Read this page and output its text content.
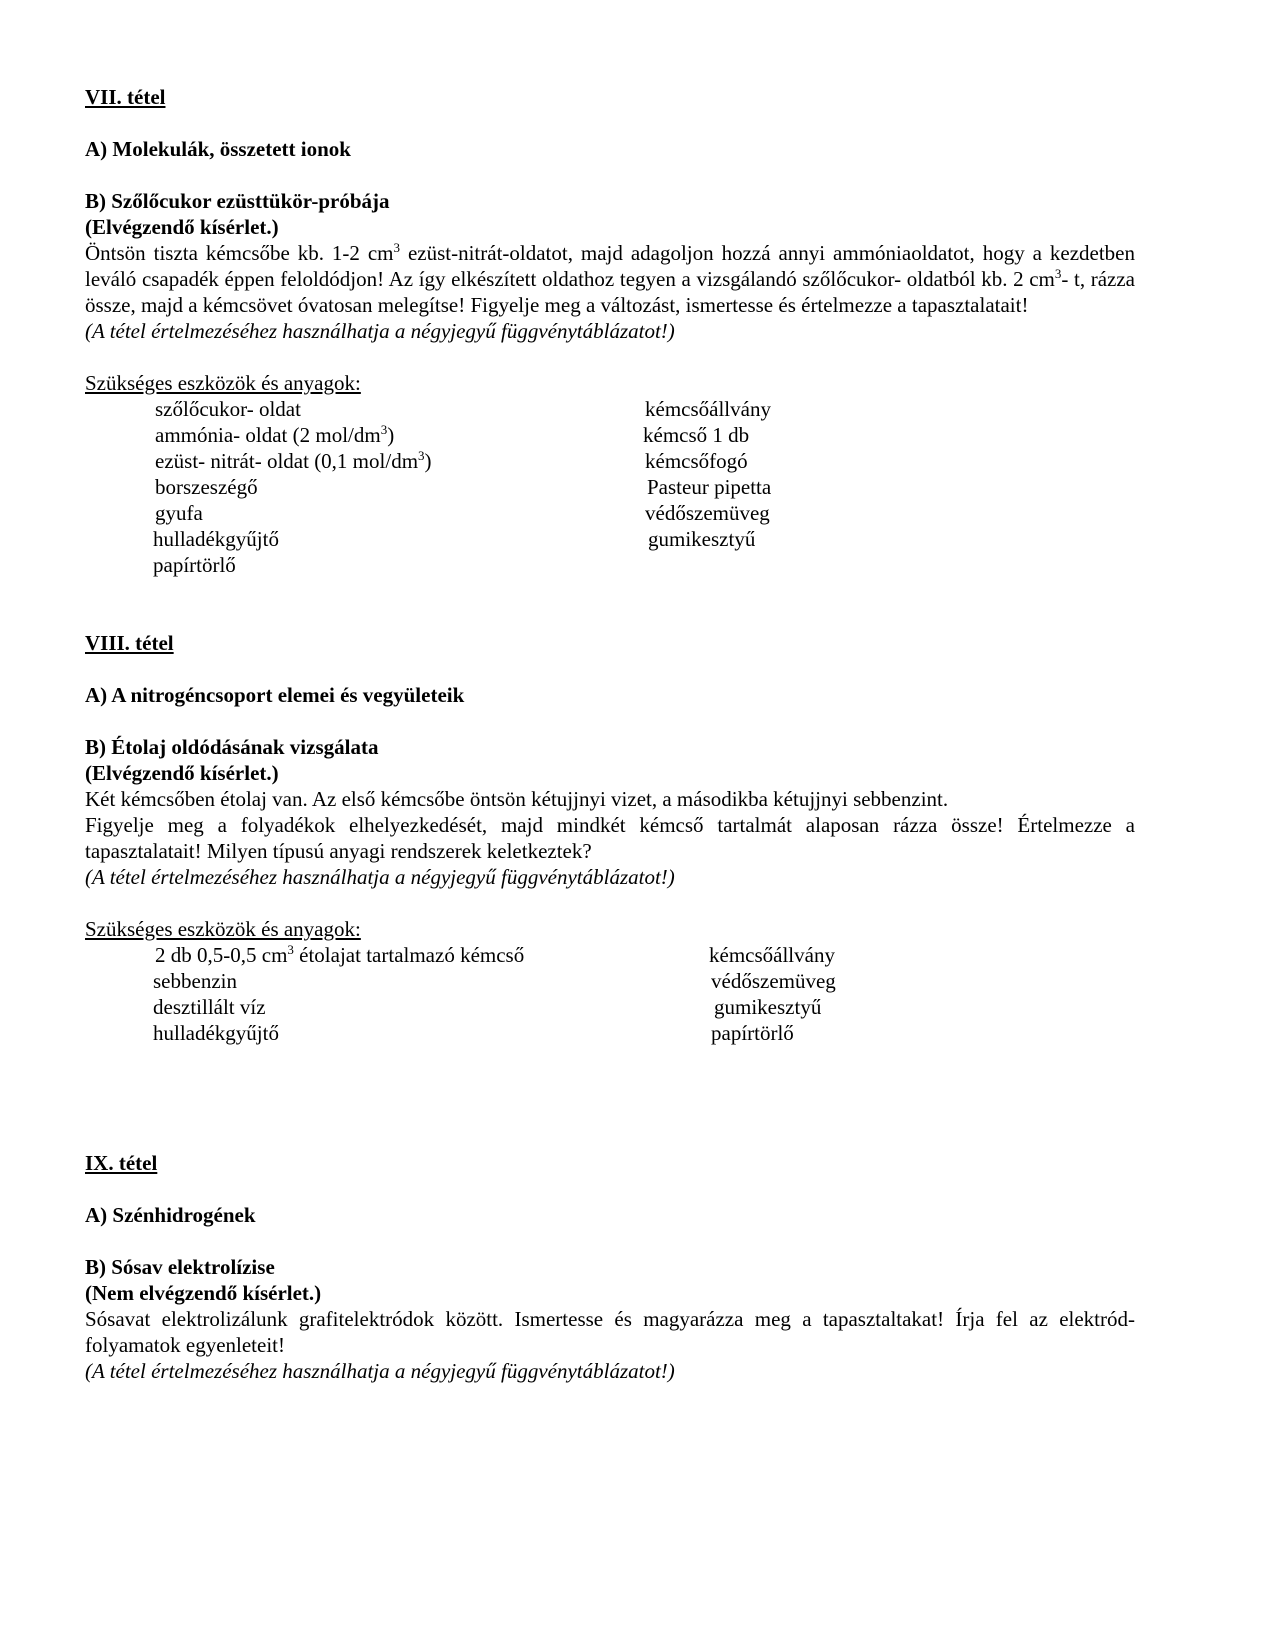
VII. tétel

A) Molekulák, összetett ionok

B) Szőlőcukor ezüsttükör-próbája

(Elvégzendő kísérlet.)

Öntsön tiszta kémcsőbe kb. 1-2 $cm^3$ ezüst-nitrát-oldatot, majd adagoljon hozzá annyi ammóniaoldatot, hogy a kezdetben leváló csapadék éppen feloldódjon! Az így elkészített oldathoz tegyen a vizsgálandó szőlőcukor- oldatból kb. 2 $cm^3-$ t, rázza össze, majd a kémcsövet óvatosan melegítse! Figyelje meg a változást, ismertesse és értelmezze a tapasztalatait!

(A tétel értelmezéséhez használhatja a négyjegyű függvénytáblázatot!)

Szükséges eszközök és anyagok:

szőlőcukor- oldat	kémcsőállvány
ammónia- oldat (2 mol/$dm^3$)	kémcső 1 db
ezüst- nitrát- oldat (0,1 mol/$dm^3$)	kémcsőfogó
borszeszégő	Pasteur pipetta
gyufa	védőszemüveg
hulladékgyűjtő	gumikesztyű
papírtörlő

VIII. tétel

A) A nitrogéncsoport elemei és vegyületeik

B) Étolaj oldódásának vizsgálata

(Elvégzendő kísérlet.)

Két kémcsőben étolaj van. Az első kémcsőbe öntsön kétujjnyi vizet, a másodikba kétujjnyi sebbenzint.

Figyelje meg a folyadékok elhelyezkedését, majd mindkét kémcső tartalmát alaposan rázza össze! Értelmezze a tapasztalatait! Milyen típusú anyagi rendszerek keletkeztek?

(A tétel értelmezéséhez használhatja a négyjegyű függvénytáblázatot!)

Szükséges eszközök és anyagok:

2 db 0,5-0,5 $cm^3$ étolajat tartalmazó kémcső	kémcsőállvány
sebbenzin	védőszemüveg
desztillált víz	gumikesztyű
hulladékgyűjtő	papírtörlő

IX. tétel

A) Szénhidrogének

B) Sósav elektrolízise

(Nem elvégzendő kísérlet.)

Sósavat elektrolizálunk grafitelektródok között. Ismertesse és magyarázza meg a tapasztaltakat! Írja fel az elektród-folyamatok egyenleteit!

(A tétel értelmezéséhez használhatja a négyjegyű függvénytáblázatot!)
